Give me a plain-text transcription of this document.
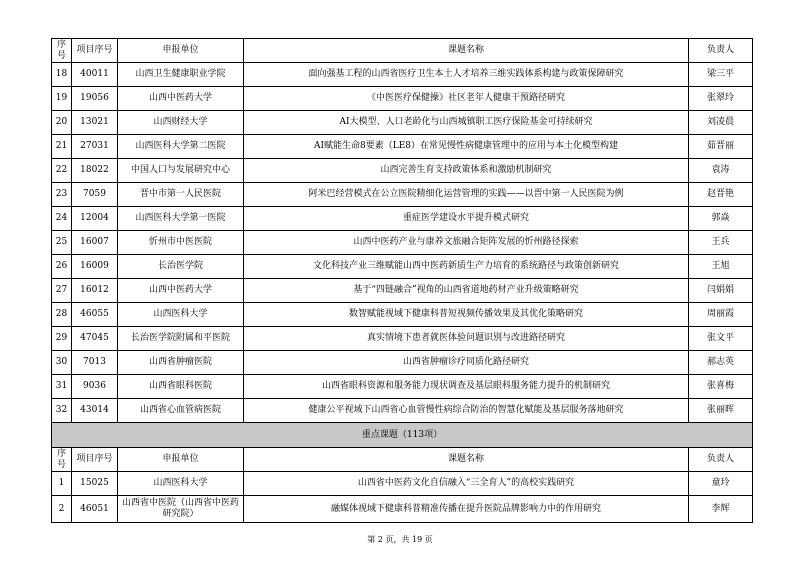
序号	项目序号	申报单位	课题名称	负责人
18	40011	山西卫生健康职业学院	面向强基工程的山西省医疗卫生本土人才培养三维实践体系构建与政策保障研究	梁三平
19	19056	山西中医药大学	《中医医疗保健操》社区老年人健康干预路径研究	张翠玲
20	13021	山西财经大学	AI大模型、人口老龄化与山西城镇职工医疗保险基金可持续研究	刘凌晨
21	27031	山西医科大学第二医院	AI赋能生命8要素（LE8）在常见慢性病健康管理中的应用与本土化模型构建	茹晋丽
22	18022	中国人口与发展研究中心	山西完善生育支持政策体系和激励机制研究	袁涛
23	7059	晋中市第一人民医院	阿米巴经营模式在公立医院精细化运营管理的实践——以晋中第一人民医院为例	赵晋艳
24	12004	山西医科大学第一医院	重症医学建设水平提升模式研究	郭焱
25	16007	忻州市中医医院	山西中医药产业与康养文旅融合矩阵发展的忻州路径探索	王兵
26	16009	长治医学院	文化科技产业三维赋能山西中医药新质生产力培育的系统路径与政策创新研究	王旭
27	16012	山西中医药大学	基于“四链融合”视角的山西省道地药材产业升级策略研究	闫娟娟
28	46055	山西医科大学	数智赋能视域下健康科普短视频传播效果及其优化策略研究	周丽霞
29	47045	长治医学院附属和平医院	真实情境下患者就医体验问题识别与改进路径研究	张文平
30	7013	山西省肿瘤医院	山西省肿瘤诊疗同质化路径研究	郝志英
31	9036	山西省眼科医院	山西省眼科资源和服务能力现状调查及基层眼科服务能力提升的机制研究	张喜梅
32	43014	山西省心血管病医院	健康公平视域下山西省心血管慢性病综合防治的智慧化赋能及基层服务落地研究	张丽晖
重点课题（113项）				
序号	项目序号	申报单位	课题名称	负责人
1	15025	山西医科大学	山西省中医药文化自信融入“三全育人”的高校实践研究	童玲
2	46051	山西省中医院（山西省中医药研究院）	融媒体视域下健康科普精准传播在提升医院品牌影响力中的作用研究	李辉
第 2 页，共 19 页
